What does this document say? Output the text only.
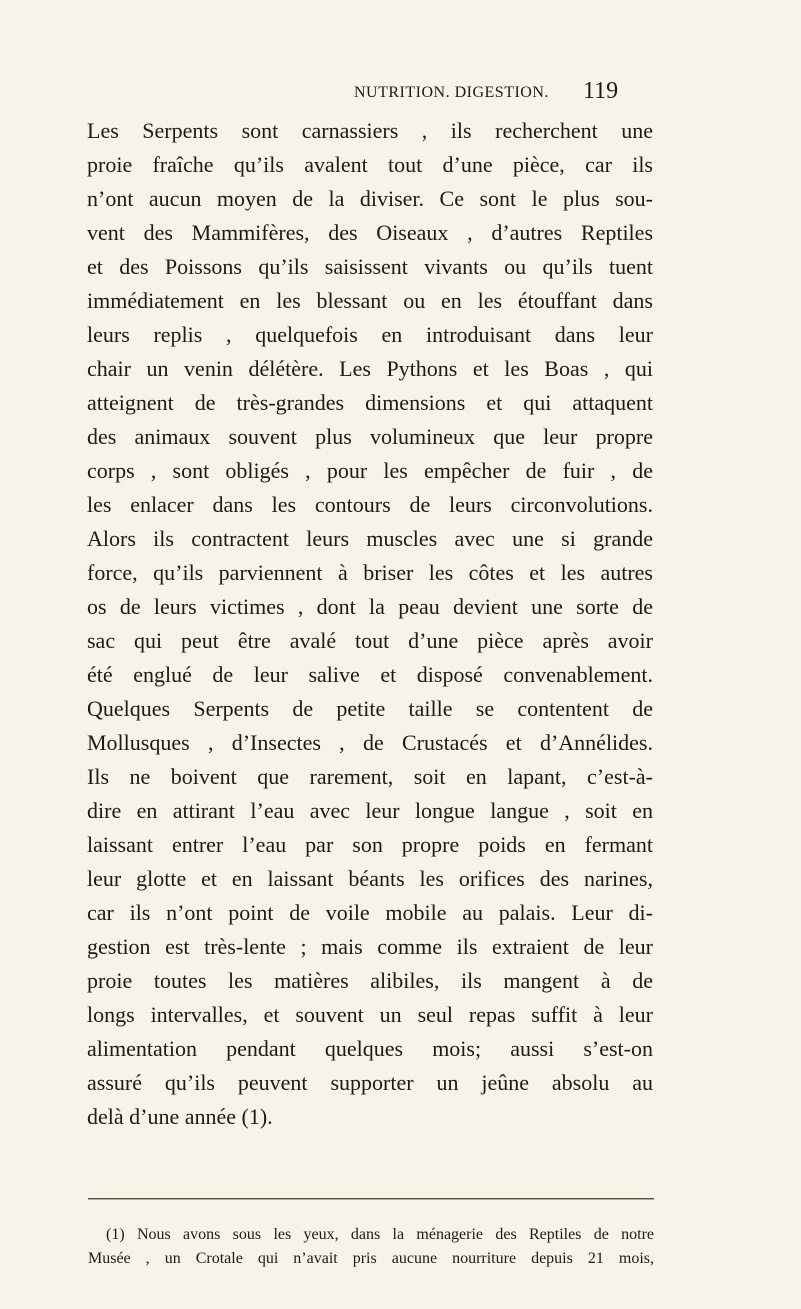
NUTRITION. DIGESTION. 119
Les Serpents sont carnassiers , ils recherchent une
proie fraîche qu’ils avalent tout d’une pièce, car ils
n’ont aucun moyen de la diviser. Ce sont le plus sou-
vent des Mammifères, des Oiseaux , d’autres Reptiles
et des Poissons qu’ils saisissent vivants ou qu’ils tuent
immédiatement en les blessant ou en les étouffant dans
leurs replis , quelquefois en introduisant dans leur
chair un venin délétère. Les Pythons et les Boas , qui
atteignent de très-grandes dimensions et qui attaquent
des animaux souvent plus volumineux que leur propre
corps , sont obligés , pour les empêcher de fuir , de
les enlacer dans les contours de leurs circonvolutions.
Alors ils contractent leurs muscles avec une si grande
force, qu’ils parviennent à briser les côtes et les autres
os de leurs victimes , dont la peau devient une sorte de
sac qui peut être avalé tout d’une pièce après avoir
été englué de leur salive et disposé convenablement.
Quelques Serpents de petite taille se contentent de
Mollusques , d’Insectes , de Crustacés et d’Annélides.
Ils ne boivent que rarement, soit en lapant, c’est-à-
dire en attirant l’eau avec leur longue langue , soit en
laissant entrer l’eau par son propre poids en fermant
leur glotte et en laissant béants les orifices des narines,
car ils n’ont point de voile mobile au palais. Leur di-
gestion est très-lente ; mais comme ils extraient de leur
proie toutes les matières alibiles, ils mangent à de
longs intervalles, et souvent un seul repas suffit à leur
alimentation pendant quelques mois; aussi s’est-on
assuré qu’ils peuvent supporter un jeûne absolu au
delà d’une année (1).
(1) Nous avons sous les yeux, dans la ménagerie des Reptiles de notre
Musée , un Crotale qui n’avait pris aucune nourriture depuis 21 mois,
